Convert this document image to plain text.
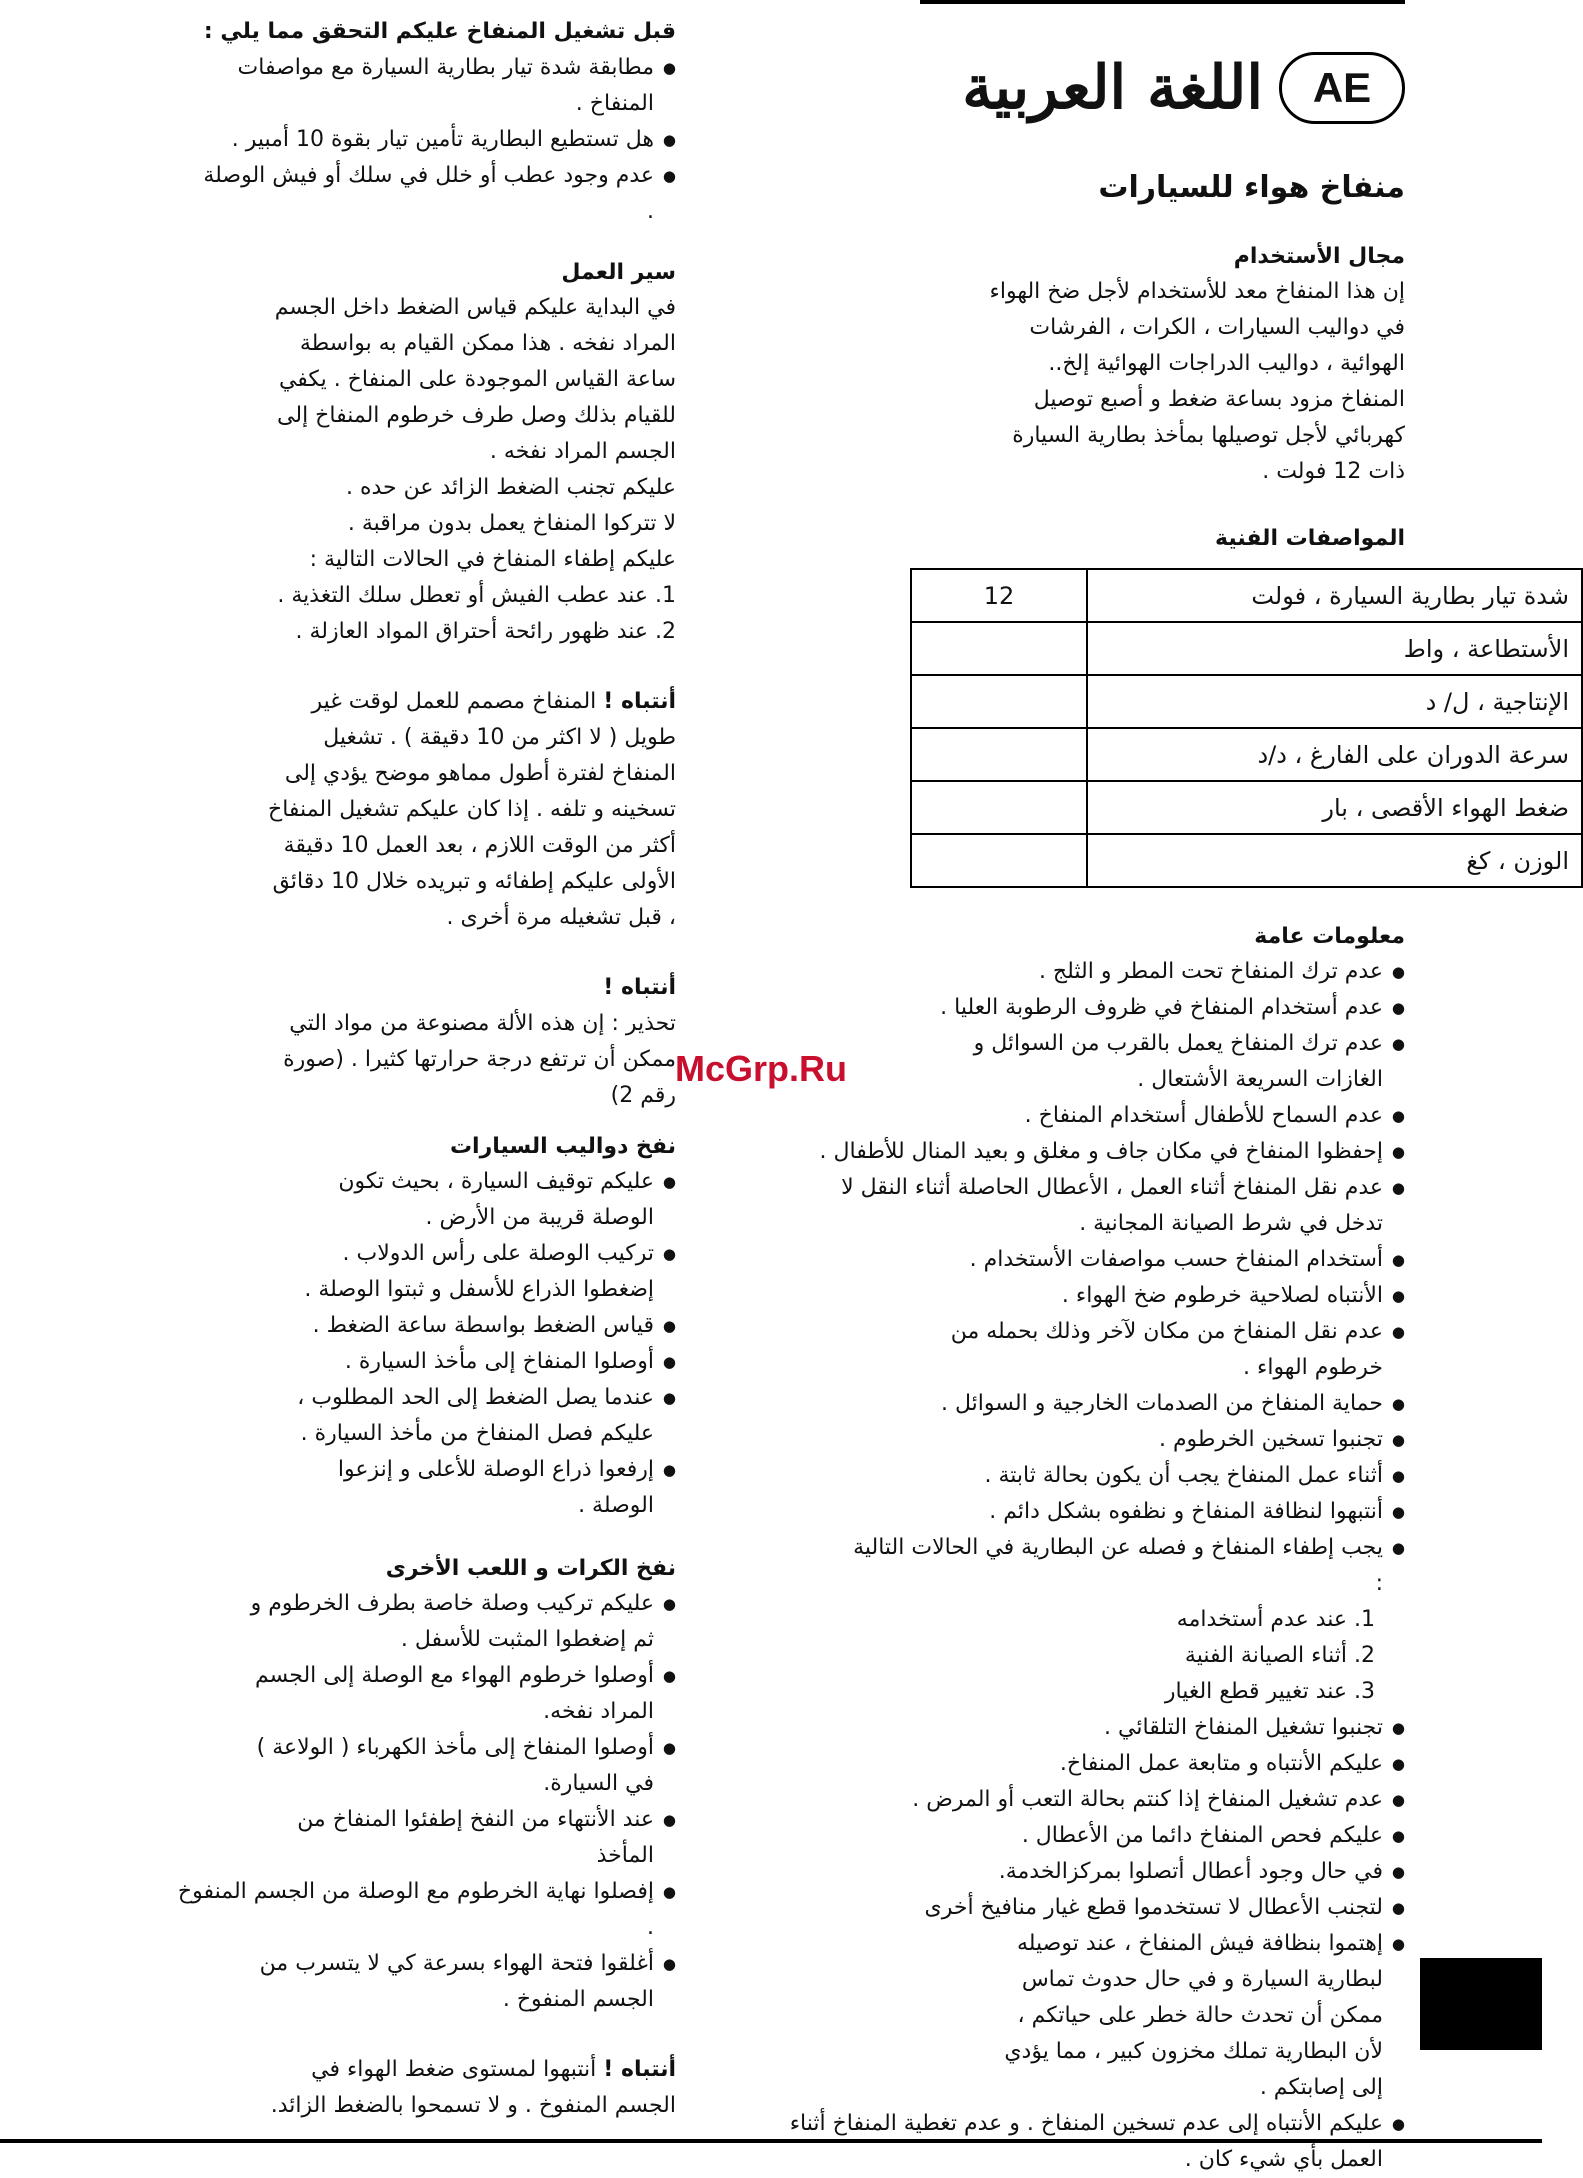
AE
اللغة العربية
منفاخ هواء للسيارات
مجال الأستخدام

إن هذا المنفاخ معد للأستخدام لأجل ضخ الهواء في دواليب السيارات ، الكرات ، الفرشات الهوائية ، دواليب الدراجات الهوائية إلخ.. المنفاخ مزود بساعة ضغط و أصبع توصيل كهربائي لأجل توصيلها بمأخذ بطارية السيارة ذات 12 فولت .

المواصفات الفنية
شدة تيار بطارية السيارة ، فولت	12
الأستطاعة ، واط	
الإنتاجية ، ل/ د	
سرعة الدوران على الفارغ ، د/د	
ضغط الهواء الأقصى ، بار	
الوزن ، كغ	
معلومات عامة
● عدم ترك المنفاخ تحت المطر و الثلج .
● عدم أستخدام المنفاخ في ظروف الرطوبة العليا .
● عدم ترك المنفاخ يعمل بالقرب من السوائل و الغازات السريعة الأشتعال .
● عدم السماح للأطفال أستخدام المنفاخ .
● إحفظوا المنفاخ في مكان جاف و مغلق و بعيد المنال للأطفال .
● عدم نقل المنفاخ أثناء العمل ، الأعطال الحاصلة أثناء النقل لا تدخل في شرط الصيانة المجانية .
● أستخدام المنفاخ حسب مواصفات الأستخدام .
● الأنتباه لصلاحية خرطوم ضخ الهواء .
● عدم نقل المنفاخ من مكان لآخر وذلك بحمله من خرطوم الهواء .
● حماية المنفاخ من الصدمات الخارجية و السوائل .
● تجنبوا تسخين الخرطوم .
● أثناء عمل المنفاخ يجب أن يكون بحالة ثابتة .
● أنتبهوا لنظافة المنفاخ و نظفوه بشكل دائم .
● يجب إطفاء المنفاخ و فصله عن البطارية في الحالات التالية :
1. عند عدم أستخدامه
2. أثناء الصيانة الفنية
3. عند تغيير قطع الغيار
● تجنبوا تشغيل المنفاخ التلقائي .
● عليكم الأنتباه و متابعة عمل المنفاخ.
● عدم تشغيل المنفاخ إذا كنتم بحالة التعب أو المرض .
● عليكم فحص المنفاخ دائما من الأعطال .
● في حال وجود أعطال أتصلوا بمركزالخدمة.
● لتجنب الأعطال لا تستخدموا قطع غيار منافيخ أخرى
● إهتموا بنظافة فيش المنفاخ ، عند توصيله لبطارية السيارة و في حال حدوث تماس ممكن أن تحدث حالة خطر على حياتكم ، لأن البطارية تملك مخزون كبير ، مما يؤدي إلى إصابتكم .
● عليكم الأنتباه إلى عدم تسخين المنفاخ . و عدم تغطية المنفاخ أثناء العمل بأي شيء كان .
قبل تشغيل المنفاخ عليكم التحقق مما يلي :
● مطابقة شدة تيار بطارية السيارة مع مواصفات المنفاخ .
● هل تستطيع البطارية تأمين تيار بقوة 10 أمبير .
● عدم وجود عطب أو خلل في سلك أو فيش الوصلة .
سير العمل

في البداية عليكم قياس الضغط داخل الجسم المراد نفخه . هذا ممكن القيام به بواسطة ساعة القياس الموجودة على المنفاخ . يكفي للقيام بذلك وصل طرف خرطوم المنفاخ إلى الجسم المراد نفخه .

عليكم تجنب الضغط الزائد عن حده .

لا تتركوا المنفاخ يعمل بدون مراقبة .

عليكم إطفاء المنفاخ في الحالات التالية :

1. عند عطب الفيش أو تعطل سلك التغذية .
2. عند ظهور رائحة أحتراق المواد العازلة .

أنتباه ! المنفاخ مصمم للعمل لوقت غير طويل ( لا اكثر من 10 دقيقة ) . تشغيل المنفاخ لفترة أطول مماهو موضح يؤدي إلى تسخينه و تلفه . إذا كان عليكم تشغيل المنفاخ أكثر من الوقت اللازم ، بعد العمل 10 دقيقة الأولى عليكم إطفائه و تبريده خلال 10 دقائق ، قبل تشغيله مرة أخرى .

أنتباه !

تحذير : إن هذه الألة مصنوعة من مواد التي ممكن أن ترتفع درجة حرارتها كثيرا . (صورة رقم 2)

نفخ دواليب السيارات
● عليكم توقيف السيارة ، بحيث تكون الوصلة قريبة من الأرض .
● تركيب الوصلة على رأس الدولاب . إضغطوا الذراع للأسفل و ثبتوا الوصلة .
● قياس الضغط بواسطة ساعة الضغط .
● أوصلوا المنفاخ إلى مأخذ السيارة .
● عندما يصل الضغط إلى الحد المطلوب ، عليكم فصل المنفاخ من مأخذ السيارة .
● إرفعوا ذراع الوصلة للأعلى و إنزعوا الوصلة .
نفخ الكرات و اللعب الأخرى
● عليكم تركيب وصلة خاصة بطرف الخرطوم و ثم إضغطوا المثبت للأسفل .
● أوصلوا خرطوم الهواء مع الوصلة إلى الجسم المراد نفخه.
● أوصلوا المنفاخ إلى مأخذ الكهرباء ( الولاعة ) في السيارة.
● عند الأنتهاء من النفخ إطفئوا المنفاخ من المأخذ
● إفصلوا نهاية الخرطوم مع الوصلة من الجسم المنفوخ .
● أغلقوا فتحة الهواء بسرعة كي لا يتسرب من الجسم المنفوخ .

أنتباه ! أنتبهوا لمستوى ضغط الهواء في الجسم المنفوخ . و لا تسمحوا بالضغط الزائد.

McGrp.Ru
